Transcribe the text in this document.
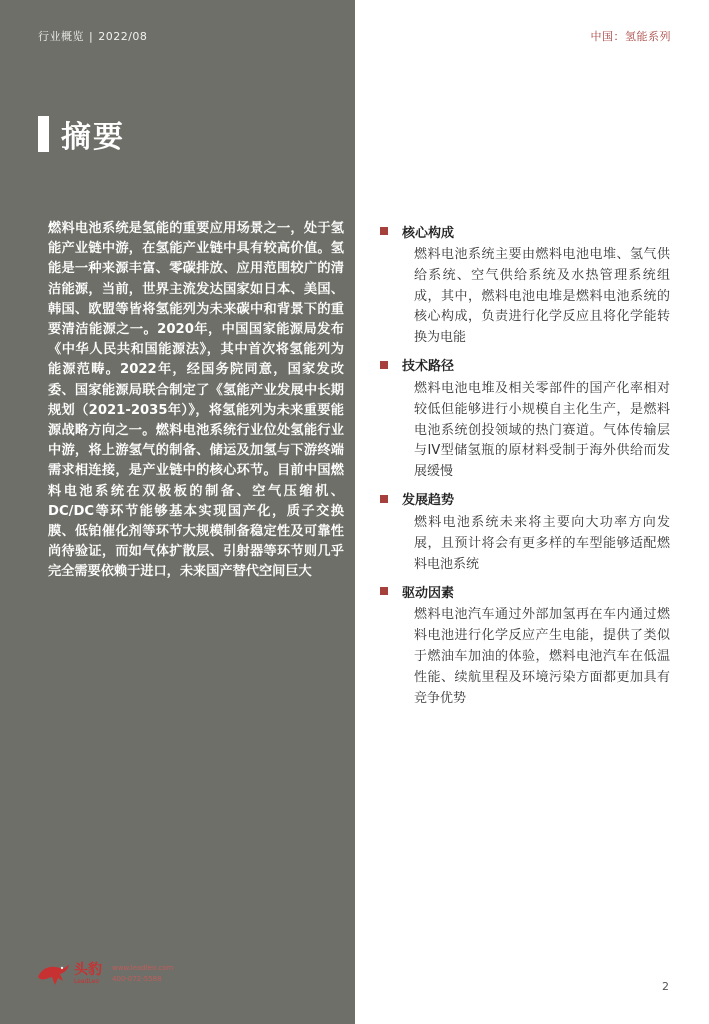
行业概览 | 2022/08	中国：氢能系列
摘要
燃料电池系统是氢能的重要应用场景之一，处于氢能产业链中游，在氢能产业链中具有较高价值。氢能是一种来源丰富、零碳排放、应用范围较广的清洁能源，当前，世界主流发达国家如日本、美国、韩国、欧盟等皆将氢能列为未来碳中和背景下的重要清洁能源之一。2020年，中国国家能源局发布《中华人民共和国能源法》，其中首次将氢能列为能源范畴。2022年，经国务院同意，国家发改委、国家能源局联合制定了《氢能产业发展中长期规划（2021-2035年）》，将氢能列为未来重要能源战略方向之一。燃料电池系统行业位处氢能行业中游，将上游氢气的制备、储运及加氢与下游终端需求相连接，是产业链中的核心环节。目前中国燃料电池系统在双极板的制备、空气压缩机、DC/DC等环节能够基本实现国产化，质子交换膜、低铂催化剂等环节大规模制备稳定性及可靠性尚待验证，而如气体扩散层、引射器等环节则几乎完全需要依赖于进口，未来国产替代空间巨大
核心构成
燃料电池系统主要由燃料电池电堆、氢气供给系统、空气供给系统及水热管理系统组成，其中，燃料电池电堆是燃料电池系统的核心构成，负责进行化学反应且将化学能转换为电能
技术路径
燃料电池电堆及相关零部件的国产化率相对较低但能够进行小规模自主化生产，是燃料电池系统创投领域的热门赛道。气体传输层与IV型储氢瓶的原材料受制于海外供给而发展缓慢
发展趋势
燃料电池系统未来将主要向大功率方向发展，且预计将会有更多样的车型能够适配燃料电池系统
驱动因素
燃料电池汽车通过外部加氢再在车内通过燃料电池进行化学反应产生电能，提供了类似于燃油车加油的体验，燃料电池汽车在低温性能、续航里程及环境污染方面都更加具有竞争优势
头豹
LeadLeo
www.leadleo.com
400-072-5588
2
